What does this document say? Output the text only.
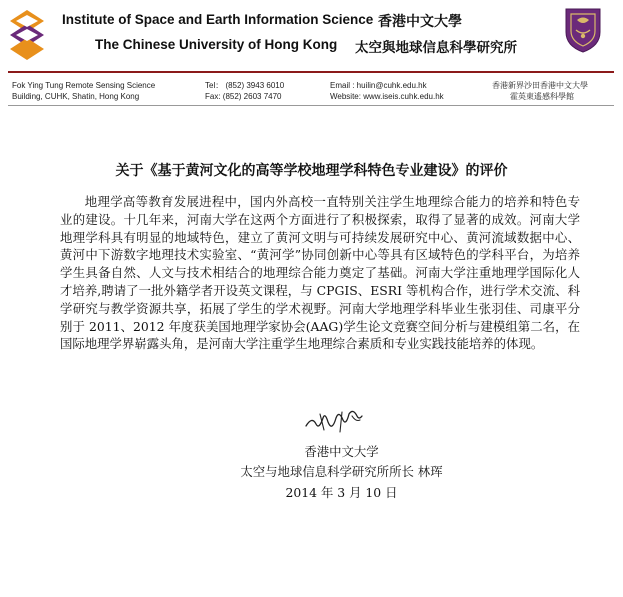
Institute of Space and Earth Information Science
The Chinese University of Hong Kong
香港中文大學
太空與地球信息科學研究所
Fok Ying Tung Remote Sensing Science
Building, CUHK, Shatin, Hong Kong
Tel： (852) 3943 6010
Fax: (852) 2603 7470
Email : huilin@cuhk.edu.hk
Website: www.iseis.cuhk.edu.hk
香港新界沙田香港中文大學
霍英東遙感科學館
关于《基于黄河文化的高等学校地理学科特色专业建设》的评价

地理学高等教育发展进程中，国内外高校一直特别关注学生地理综合能力的培养和特色专业的建设。十几年来，河南大学在这两个方面进行了积极探索，取得了显著的成效。河南大学地理学科具有明显的地域特色，建立了黄河文明与可持续发展研究中心、黄河流域数据中心、黄河中下游数字地理技术实验室、“黄河学”协同创新中心等具有区域特色的学科平台，为培养学生具备自然、人文与技术相结合的地理综合能力奠定了基础。河南大学注重地理学国际化人才培养,聘请了一批外籍学者开设英文课程，与 CPGIS、ESRI 等机构合作，进行学术交流、科学研究与教学资源共享，拓展了学生的学术视野。河南大学地理学科毕业生张羽佳、司康平分别于 2011、2012 年度获美国地理学家协会(AAG)学生论文竞赛空间分析与建模组第二名，在国际地理学界崭露头角，是河南大学注重学生地理综合素质和专业实践技能培养的体现。

香港中文大学
太空与地球信息科学研究所所长 林珲
2014 年 3 月 10 日
